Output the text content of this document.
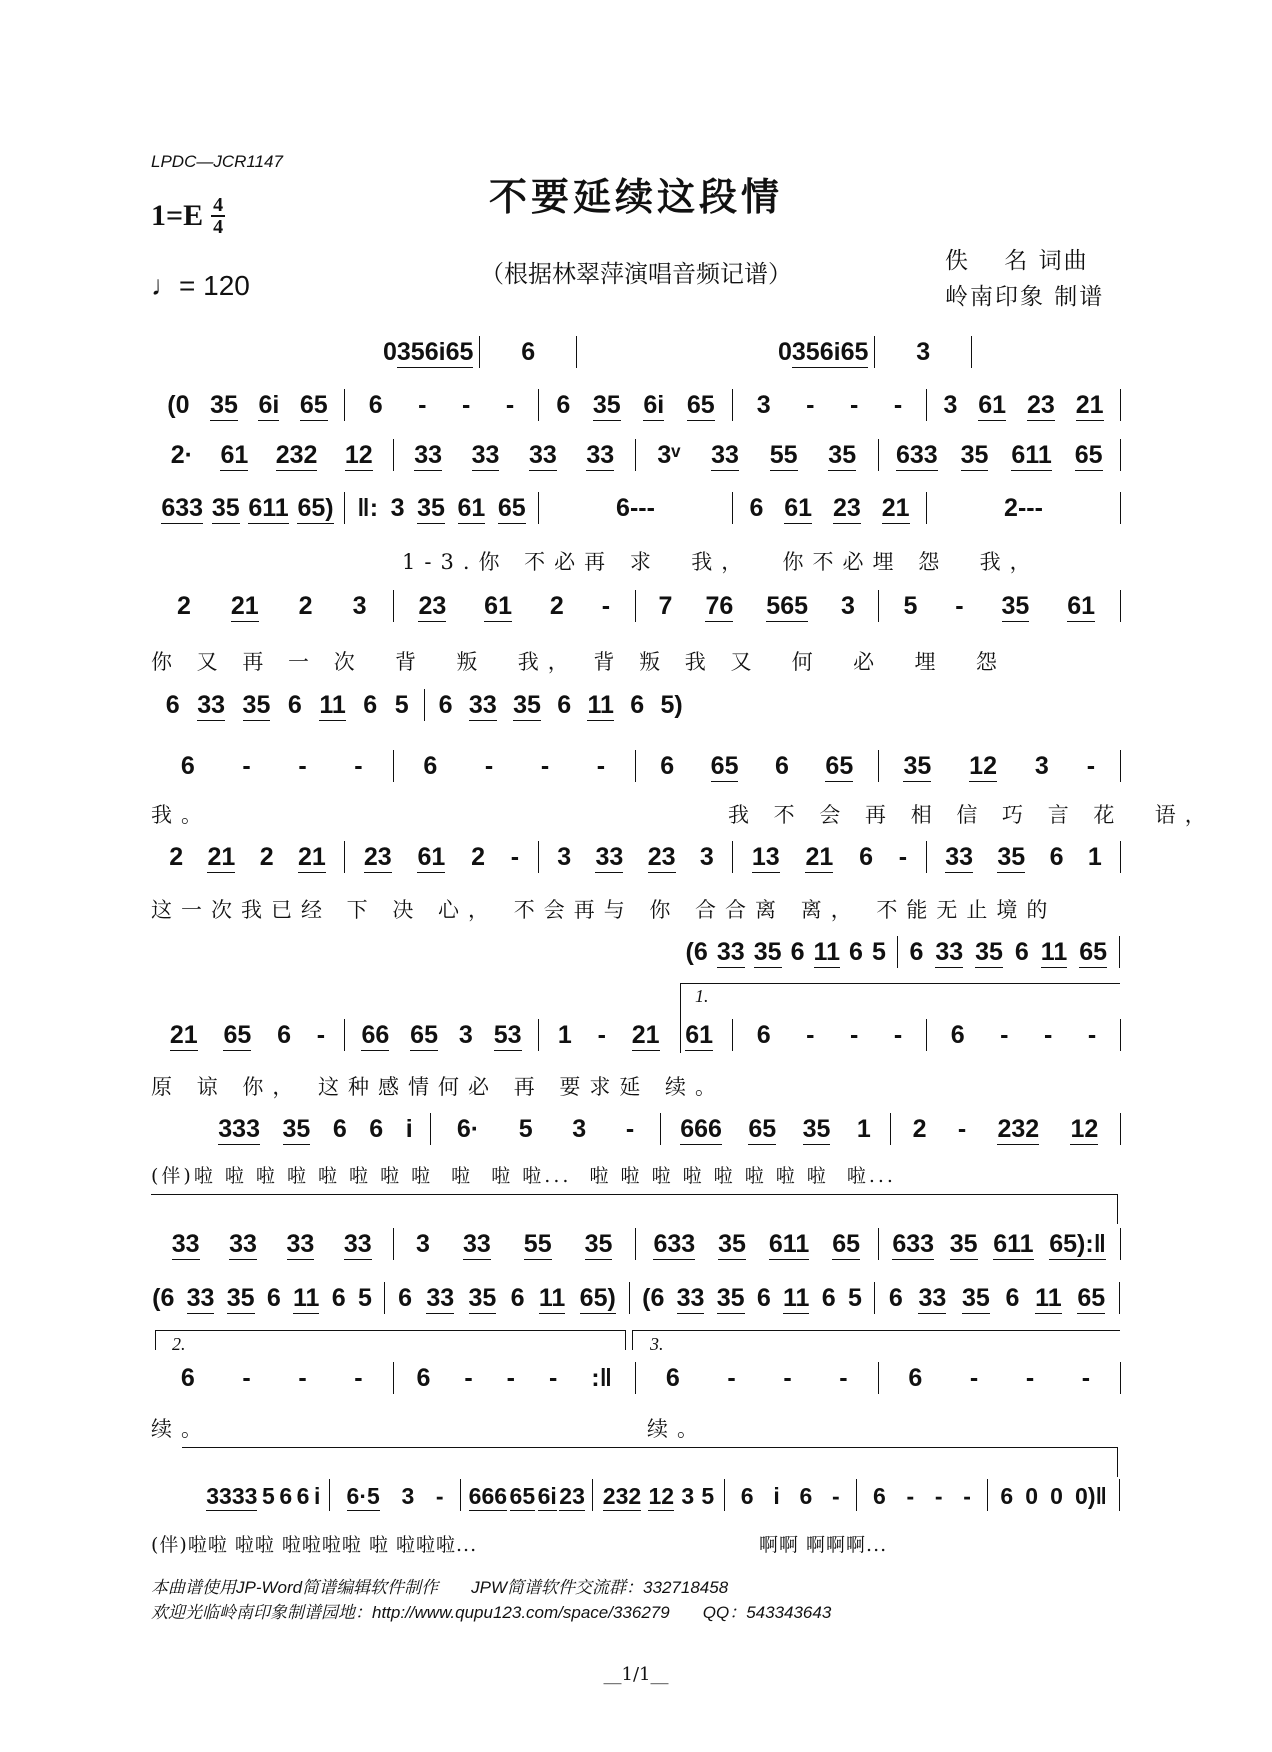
LPDC—JCR1147
不要延续这段情
$1=E \frac{4}{4}$
♩= 120	（根据林翠萍演唱音频记谱）	佚　 名 词曲
岭南印象 制谱
0 35 6i 65 6	0 35 6i 65 3
(0 35 6i 65 6 - - - 6 35 6i 65 3 - - - 3 61 23 21
2· 61 232 12 33 33 33 33 3ᵛ 33 55 35 633 35 611 65
633 35 611 65) ‖: 3 35 61 65	6---	6 61 23 21	2---
1-3.你 不必再 求  我，  你不必埋 怨  我，
2 21 2 3 23 61 2 - 7 76 565 3 5 - 35 61
你 又 再 一 次  背  叛  我， 背 叛 我 又  何  必  埋  怨
6 33 35 6 11 6 5 6 33 35 6 11 6 5)
6 - - - 6 - - - 6 65 6 65 35 12 3 -
我。	我 不 会 再 相 信 巧 言 花  语，
2 21 2 21 23 61 2 - 3 33 23 3 13 21 6 - 33 35 6 1
这一次我已经 下 决 心， 不会再与 你 合合离 离， 不能无止境的
(6 33 35 6 11 6 5 6 33 35 6 11 65
1.
21 65 6 - 66 65 3 53 1 - 21 61 6 - - - 6 - - -
原 谅 你， 这种感情何必 再 要求延 续。
333 35 6 6 i 6· 5 3 - 666 65 35 1 2 - 232 12
(伴)啦 啦 啦 啦 啦 啦 啦 啦  啦  啦 啦...  啦 啦 啦 啦 啦 啦 啦 啦  啦...
33 33 33 33 3 33 55 35 633 35 611 65 633 35 611 65):‖
(6 33 35 6 11 6 5 6 33 35 6 11 65) (6 33 35 6 11 6 5 6 33 35 6 11 65
2.	3.
6 - - - 6 - - - :‖ 6 - - - 6 - - -
续。	续。
3333 5 6 6 i 6·5 3 - 666 65 6i 23 232 12 3 5 6 i 6 - 6 - - - 6 0 0 0)‖
(伴)啦啦 啦啦 啦啦啦啦 啦 啦啦啦...	啊啊 啊啊啊...
本曲谱使用JP-Word简谱编辑软件制作       JPW简谱软件交流群：332718458
欢迎光临岭南印象制谱园地：http://www.qupu123.com/space/336279       QQ：543343643
__1/1__
